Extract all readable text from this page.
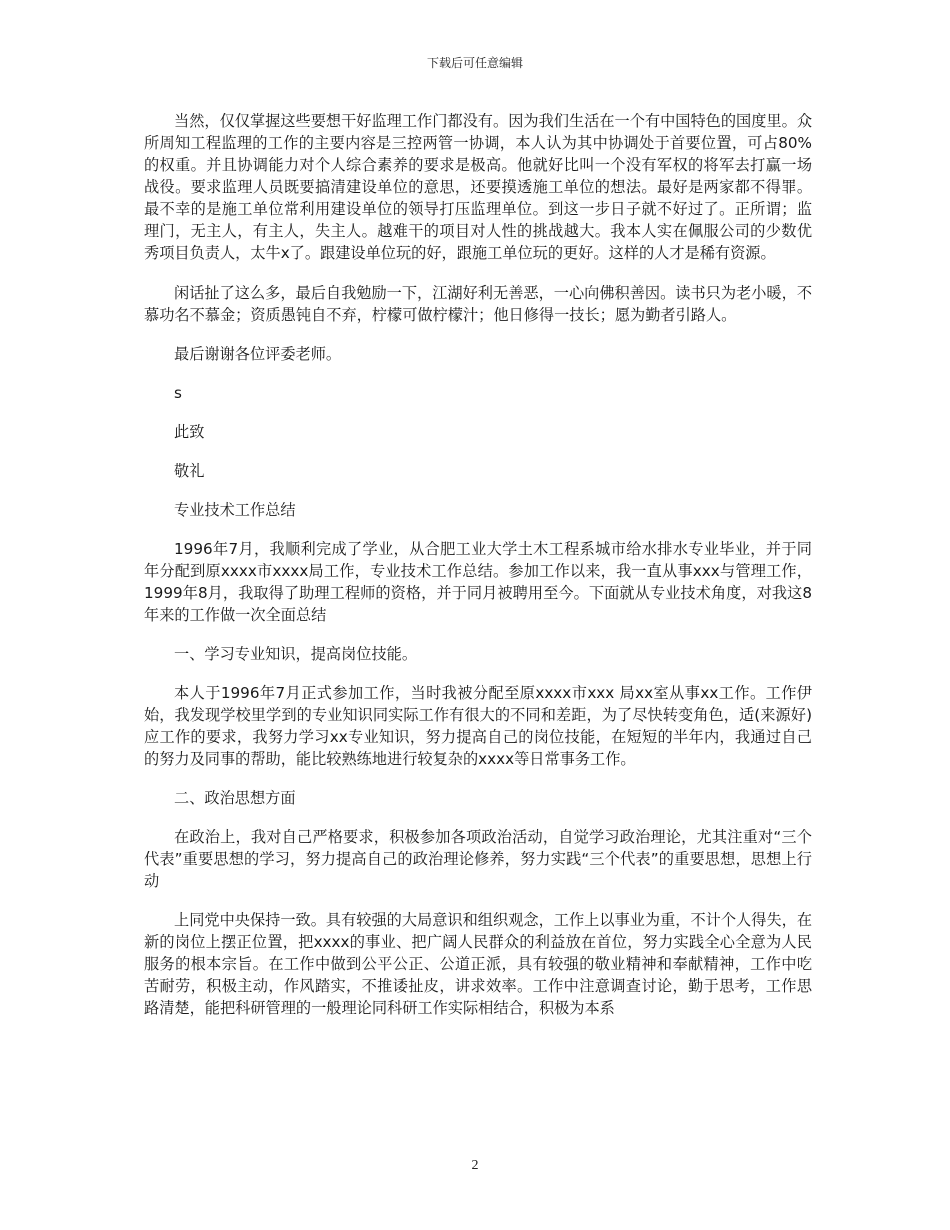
下载后可任意编辑

当然，仅仅掌握这些要想干好监理工作门都没有。因为我们生活在一个有中国特色的国度里。众所周知工程监理的工作的主要内容是三控两管一协调，本人认为其中协调处于首要位置，可占80%的权重。并且协调能力对个人综合素养的要求是极高。他就好比叫一个没有军权的将军去打赢一场战役。要求监理人员既要搞清建设单位的意思，还要摸透施工单位的想法。最好是两家都不得罪。最不幸的是施工单位常利用建设单位的领导打压监理单位。到这一步日子就不好过了。正所谓；监理门，无主人，有主人，失主人。越难干的项目对人性的挑战越大。我本人实在佩服公司的少数优秀项目负责人，太牛x了。跟建设单位玩的好，跟施工单位玩的更好。这样的人才是稀有资源。

闲话扯了这么多，最后自我勉励一下，江湖好利无善恶，一心向佛积善因。读书只为老小暖，不慕功名不慕金；资质愚钝自不弃，柠檬可做柠檬汁；他日修得一技长；愿为勤者引路人。

最后谢谢各位评委老师。

s

此致

敬礼

专业技术工作总结

1996年7月，我顺利完成了学业，从合肥工业大学土木工程系城市给水排水专业毕业，并于同年分配到原xxxx市xxxx局工作，专业技术工作总结。参加工作以来，我一直从事xxx与管理工作，1999年8月，我取得了助理工程师的资格，并于同月被聘用至今。下面就从专业技术角度，对我这8年来的工作做一次全面总结

一、学习专业知识，提高岗位技能。

本人于1996年7月正式参加工作，当时我被分配至原xxxx市xxx 局xx室从事xx工作。工作伊始，我发现学校里学到的专业知识同实际工作有很大的不同和差距，为了尽快转变角色，适(来源好)应工作的要求，我努力学习xx专业知识，努力提高自己的岗位技能，在短短的半年内，我通过自己的努力及同事的帮助，能比较熟练地进行较复杂的xxxx等日常事务工作。

二、政治思想方面

在政治上，我对自己严格要求，积极参加各项政治活动，自觉学习政治理论，尤其注重对“三个代表”重要思想的学习，努力提高自己的政治理论修养，努力实践“三个代表”的重要思想，思想上行动

上同党中央保持一致。具有较强的大局意识和组织观念，工作上以事业为重，不计个人得失，在新的岗位上摆正位置，把xxxx的事业、把广阔人民群众的利益放在首位，努力实践全心全意为人民服务的根本宗旨。在工作中做到公平公正、公道正派，具有较强的敬业精神和奉献精神，工作中吃苦耐劳，积极主动，作风踏实，不推诿扯皮，讲求效率。工作中注意调查讨论，勤于思考，工作思路清楚，能把科研管理的一般理论同科研工作实际相结合，积极为本系

2
